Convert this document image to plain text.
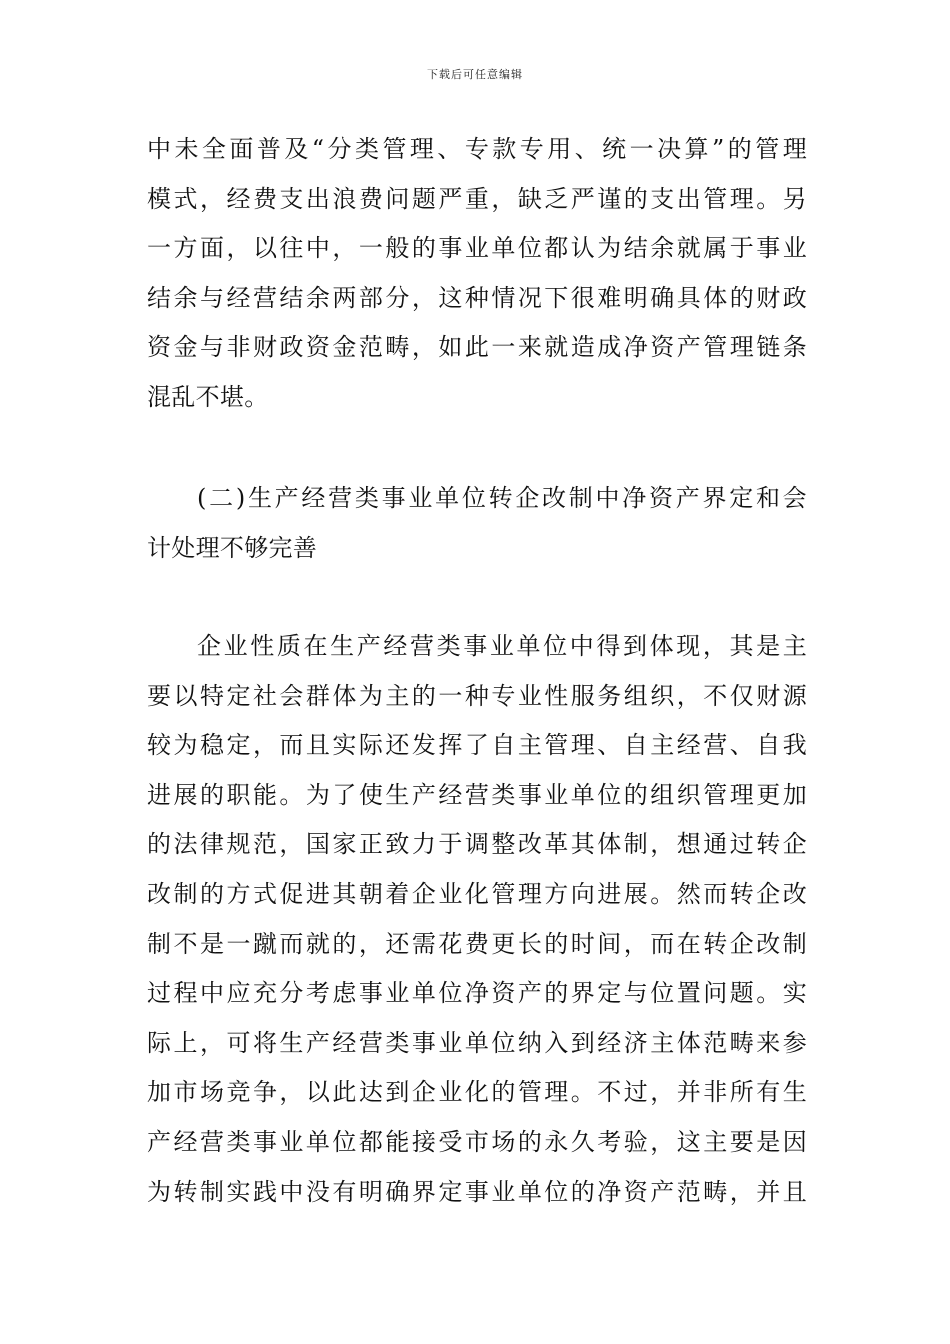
下载后可任意编辑
中未全面普及“分类管理、专款专用、统一决算”的管理
模式，经费支出浪费问题严重，缺乏严谨的支出管理。另
一方面，以往中，一般的事业单位都认为结余就属于事业
结余与经营结余两部分，这种情况下很难明确具体的财政
资金与非财政资金范畴，如此一来就造成净资产管理链条
混乱不堪。
(二)生产经营类事业单位转企改制中净资产界定和会
计处理不够完善
企业性质在生产经营类事业单位中得到体现，其是主
要以特定社会群体为主的一种专业性服务组织，不仅财源
较为稳定，而且实际还发挥了自主管理、自主经营、自我
进展的职能。为了使生产经营类事业单位的组织管理更加
的法律规范，国家正致力于调整改革其体制，想通过转企
改制的方式促进其朝着企业化管理方向进展。然而转企改
制不是一蹴而就的，还需花费更长的时间，而在转企改制
过程中应充分考虑事业单位净资产的界定与位置问题。实
际上，可将生产经营类事业单位纳入到经济主体范畴来参
加市场竞争，以此达到企业化的管理。不过，并非所有生
产经营类事业单位都能接受市场的永久考验，这主要是因
为转制实践中没有明确界定事业单位的净资产范畴，并且
